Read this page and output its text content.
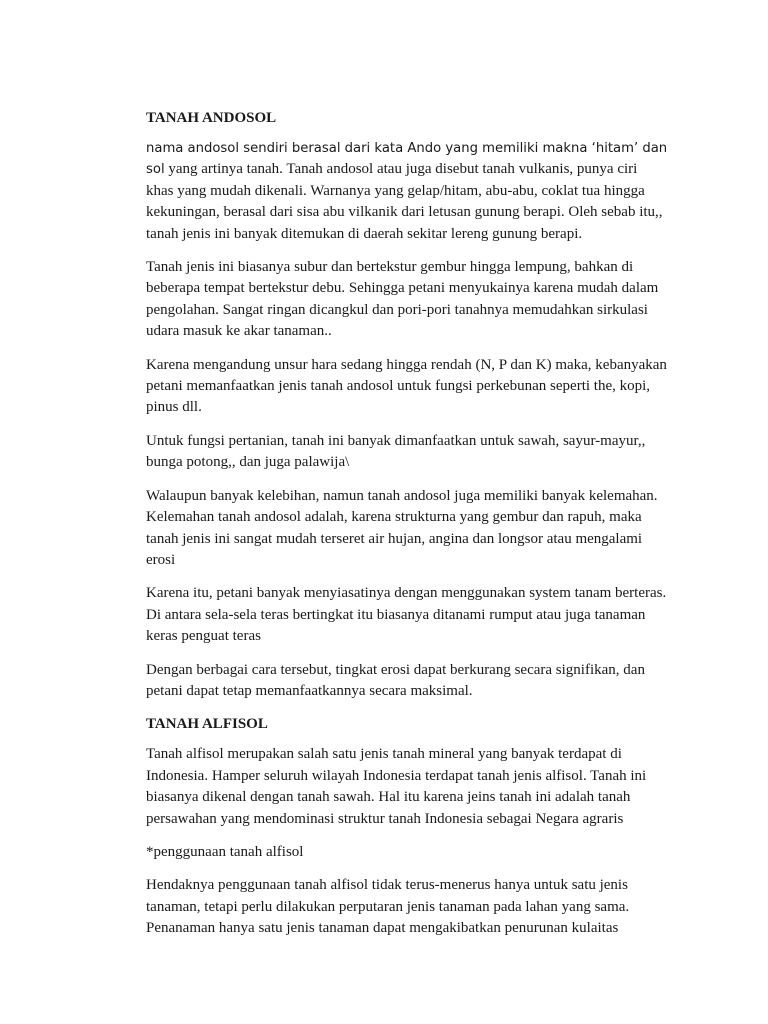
TANAH ANDOSOL

nama andosol sendiri berasal dari kata Ando yang memiliki makna ‘hitam’ dan sol yang artinya tanah. Tanah andosol atau juga disebut tanah vulkanis, punya ciri khas yang mudah dikenali. Warnanya yang gelap/hitam, abu-abu, coklat tua hingga kekuningan, berasal dari sisa abu vilkanik dari letusan gunung berapi. Oleh sebab itu,, tanah jenis ini banyak ditemukan di daerah sekitar lereng gunung berapi.

Tanah jenis ini biasanya subur dan bertekstur gembur hingga lempung, bahkan di beberapa tempat bertekstur debu. Sehingga petani menyukainya karena mudah dalam pengolahan. Sangat ringan dicangkul dan pori-pori tanahnya memudahkan sirkulasi udara masuk ke akar tanaman..

Karena mengandung unsur hara sedang hingga rendah (N, P dan K) maka, kebanyakan petani memanfaatkan jenis tanah andosol untuk fungsi perkebunan seperti the, kopi, pinus dll.

Untuk fungsi pertanian, tanah ini banyak dimanfaatkan untuk sawah, sayur-mayur,, bunga potong,, dan juga palawija\

Walaupun banyak kelebihan, namun tanah andosol juga memiliki banyak kelemahan. Kelemahan tanah andosol adalah, karena strukturna yang gembur dan rapuh, maka tanah jenis ini sangat mudah terseret air hujan, angina dan longsor atau mengalami erosi

Karena itu, petani banyak menyiasatinya dengan menggunakan system tanam berteras. Di antara sela-sela teras bertingkat itu biasanya ditanami rumput atau juga tanaman keras penguat teras

Dengan berbagai cara tersebut, tingkat erosi dapat berkurang secara signifikan, dan petani dapat tetap memanfaatkannya secara maksimal.

TANAH ALFISOL

Tanah alfisol merupakan salah satu jenis tanah mineral yang banyak terdapat di Indonesia. Hamper seluruh wilayah Indonesia terdapat tanah jenis alfisol. Tanah ini biasanya dikenal dengan tanah sawah. Hal itu karena jeins tanah ini adalah tanah persawahan yang mendominasi struktur tanah Indonesia sebagai Negara agraris

*penggunaan tanah alfisol

Hendaknya penggunaan tanah alfisol tidak terus-menerus hanya untuk satu jenis tanaman, tetapi perlu dilakukan perputaran jenis tanaman pada lahan yang sama. Penanaman hanya satu jenis tanaman dapat mengakibatkan penurunan kulaitas
